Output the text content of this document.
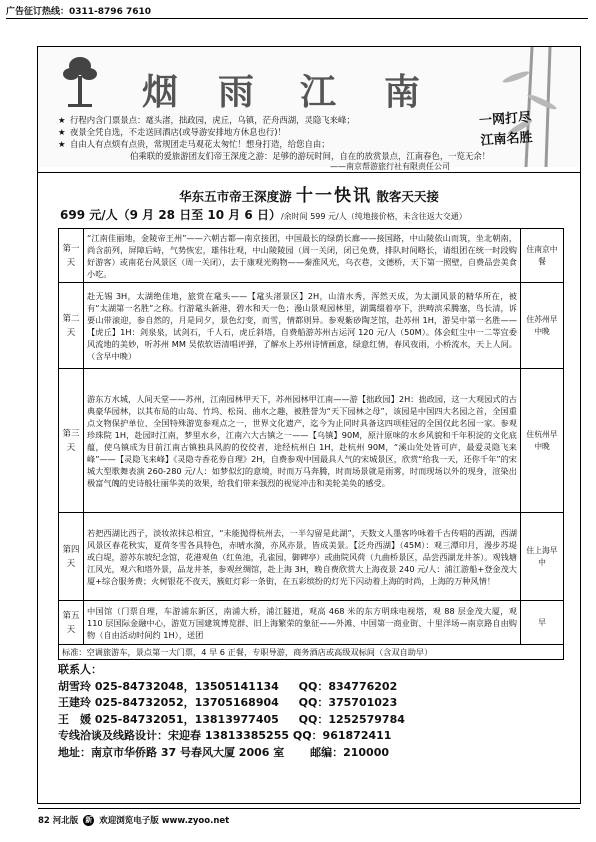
广告征订热线：0311-8796 7610
烟 雨 江 南
一网打尽
江南名胜
★ 行程内含门票景点：鼋头渚，拙政园，虎丘，乌镇，茫舟西湖，灵隐飞来峰；
★ 夜景全凭自选，不走送回酒店(或导游安排地方休息也行)！
★ 自由人有点烦有点贵，常规团走马观花太匆忙！想身打造，给您自由；
伯乘联的爱旅游团友们帝王深度之游：足够的游玩时间，自在的放赏景点，江南春色，一览无余！
——南京帮游旅行社有限责任公司
华东五市帝王深度游 十一快讯 散客天天接
699 元/人（9 月 28 日至 10 月 6 日）/余时间 599 元/人（纯地接价格，未含往返大交通）
第一天	“江南佳丽地，金陵帝王州”——六朝古都—南京接团，中国最长的绿荫长廊——接国路，中山陵依山而筑，坐北朝南，尚含前列，屏障后峙，气势恢宏，雄伟壮观，中山陵陵园（周一关闭，闭已免费，排队时间略长，请组团在统一时段购好游客）或南花台风景区（周一关闭），去于康观光购物——秦淮风光，乌衣巷，文德桥，天下第一照壁，自费品尝美食小吃。	住南京中餐
第二天	赴无锡 3H，太湖绝佳地，旅赏在鼋头——【鼋头渚景区】2H，山清水秀，浑然天成，为太湖风景的精华所在，被有“太湖第一名胜”之称。行游鼋头新港，碧水和天一色；漫山景观园林里，湖霭缀着亭下，洪畴滨采腾塞，鸟长清，诉要山带滚迎，参自然的，月是同夕，景色幻变，而雪，情都则异。参观紫砂陶芝馆，赴苏州 1H，游吴中第一名胜——【虎丘】1H：剑泉泉，试剑石，千人石，虎丘斜塔，自费船游苏州古运河 120 元/人（50M）。体会虹尘中一二等宜委风流地的美妙，听苏州 MM 吴侬软语清唱评弹，了解水上苏州诗情画意，绿意红情，春风夜雨，小桥流水，天上人间。（含早中晚）	住苏州早中晚
第三天	游东方水城，人间天堂——苏州，江南园林甲天下，苏州园林甲江南——游【拙政园】2H：拙政园，这一大观园式的古典豪华园林，以其布局的山岛、竹坞、松岗、曲水之趣，被胜誉为“天下园林之母”，该园是中国四大名园之首，全国重点文物保护单位、全国特殊游览参观点之一，世界文化遗产，迄今为止同时具备这四项桂冠的全国仅此名园一家。参观珍珠院 1H，赴园时江南，梦里水乡，江南六大古镇之一——【乌镇】90M，原汁原味的水乡风貌和千年积淀的文化底蕴，使乌镇成为目前江南古镇独具风韵的佼佼者，途经杭州白 1H，赴杭州 90M，“溪山处处皆可庐，最爱灵隐飞来峰”——【灵隐飞来峰】《灵隐寺香花券自理》2H，自费参观中国最具人气的宋城景区，欣赏“给我一天，还你千年”的宋城大型歌舞表演 260-280 元/人：如梦似幻的意境，时而万马奔腾，时而场景就是雨雾，时而现场以外的现身，渲染出极富气魄的史诗般壮丽华美的效果，给我们带来强烈的视觉冲击和美轮美奂的感受。	住杭州早中晚
第四天	若把西湖比西子，淡妆浓抹总相宜，“未能抛得杭州去，一半勾留是此湖”，天数文人墨客吟咏着千古传唱的西湖，西湖风景区春花秋实，夏荷冬雪各具特色，赤晴水漪，亦风亦景，皆成美景。【泛舟西湖】（45M）：观三潭印月，漫步苏堤或白堤，游苏东坡纪念馆，花港观鱼（红鱼池，孔雀园，御碑亭）或曲院风荷（九曲桥景区，品尝西湖龙井茶）。观钱塘江风光，观六和塔外景，品龙井茶，参观丝绸馆，赴上海 3H，晚自费欣赏大上海夜景 240 元/人：浦江游船+登金茂大厦+综合服务费；火树银花不夜天，簇虹灯彩一条街，在五彩缤纷的灯光下闪动着上海的时尚，上海的万种风情！	住上海早中
第五天	中国馆（门票自理，车游浦东新区，南浦大桥，浦江隧道，观高 468 米的东方明珠电视塔，观 88 层金茂大厦，观 110 层国际金融中心，游览万国建筑博览群、旧上海繁荣的象征——外滩、中国第一商业街、十里洋场—南京路自由购物（自由活动时间约 1H），送团	早
标准：空调旅游车，景点第一大门票，4 早 6 正餐，专职导游，商务酒店或高级双标间（含双自助早）		
联系人：
胡雪玲 025-84732048，13505141134 QQ：834776202
王建玲 025-84732052，13705168904 QQ：375701023
王　媛 025-84732051，13813977405 QQ：1252579784
专线洽谈及线路设计：宋迎春 13813385255 QQ：961872411
地址：南京市华侨路 37 号春风大厦 2006 室 邮编：210000
82 河北版 新 欢迎浏览电子版 www.zyoo.net
